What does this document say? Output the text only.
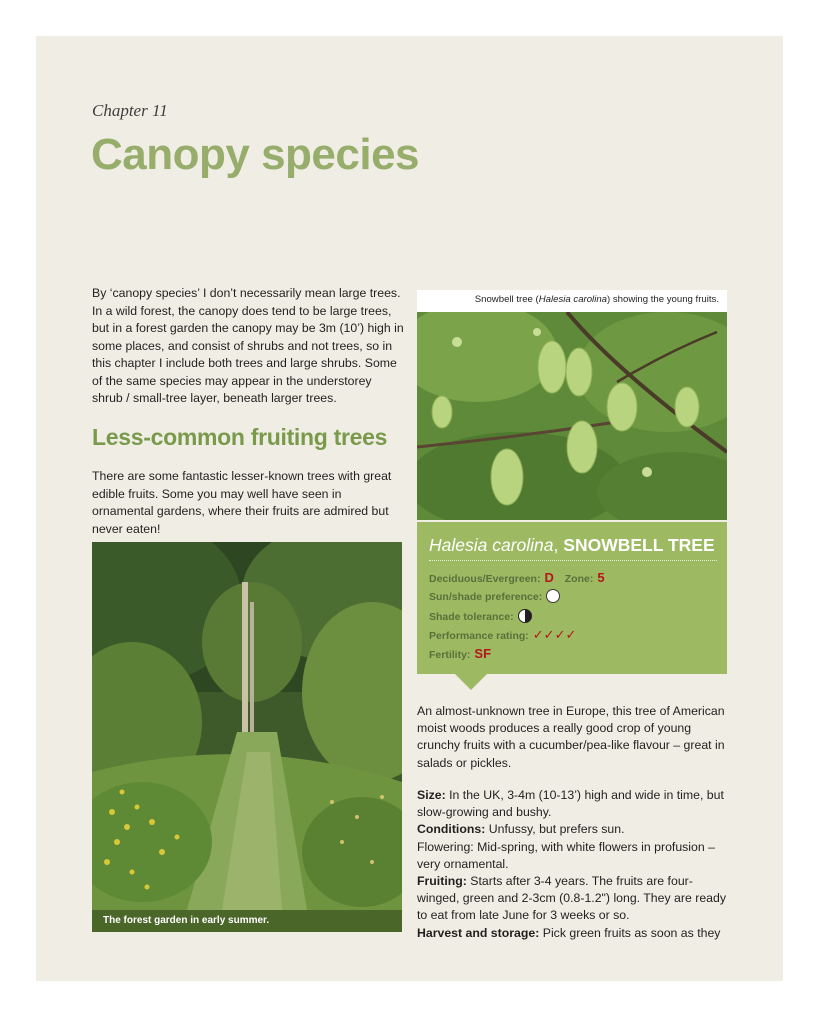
Chapter 11
Canopy species
By ‘canopy species’ I don’t necessarily mean large trees. In a wild forest, the canopy does tend to be large trees, but in a forest garden the canopy may be 3m (10’) high in some places, and consist of shrubs and not trees, so in this chapter I include both trees and large shrubs. Some of the same species may appear in the understorey shrub / small-tree layer, beneath larger trees.
Less-common fruiting trees
There are some fantastic lesser-known trees with great edible fruits. Some you may well have seen in ornamental gardens, where their fruits are admired but never eaten!
The forest garden in early summer.
Snowbell tree (Halesia carolina) showing the young fruits.
Halesia carolina, SNOWBELL TREE
Deciduous/Evergreen: D Zone: 5
Sun/shade preference:
Shade tolerance:
Performance rating: ✓✓✓✓
Fertility: SF
An almost-unknown tree in Europe, this tree of American moist woods produces a really good crop of young crunchy fruits with a cucumber/pea-like flavour – great in salads or pickles.
Size: In the UK, 3-4m (10-13’) high and wide in time, but slow-growing and bushy.
Conditions: Unfussy, but prefers sun.
Flowering: Mid-spring, with white flowers in profusion – very ornamental.
Fruiting: Starts after 3-4 years. The fruits are four-winged, green and 2-3cm (0.8-1.2") long. They are ready to eat from late June for 3 weeks or so.
Harvest and storage: Pick green fruits as soon as they
